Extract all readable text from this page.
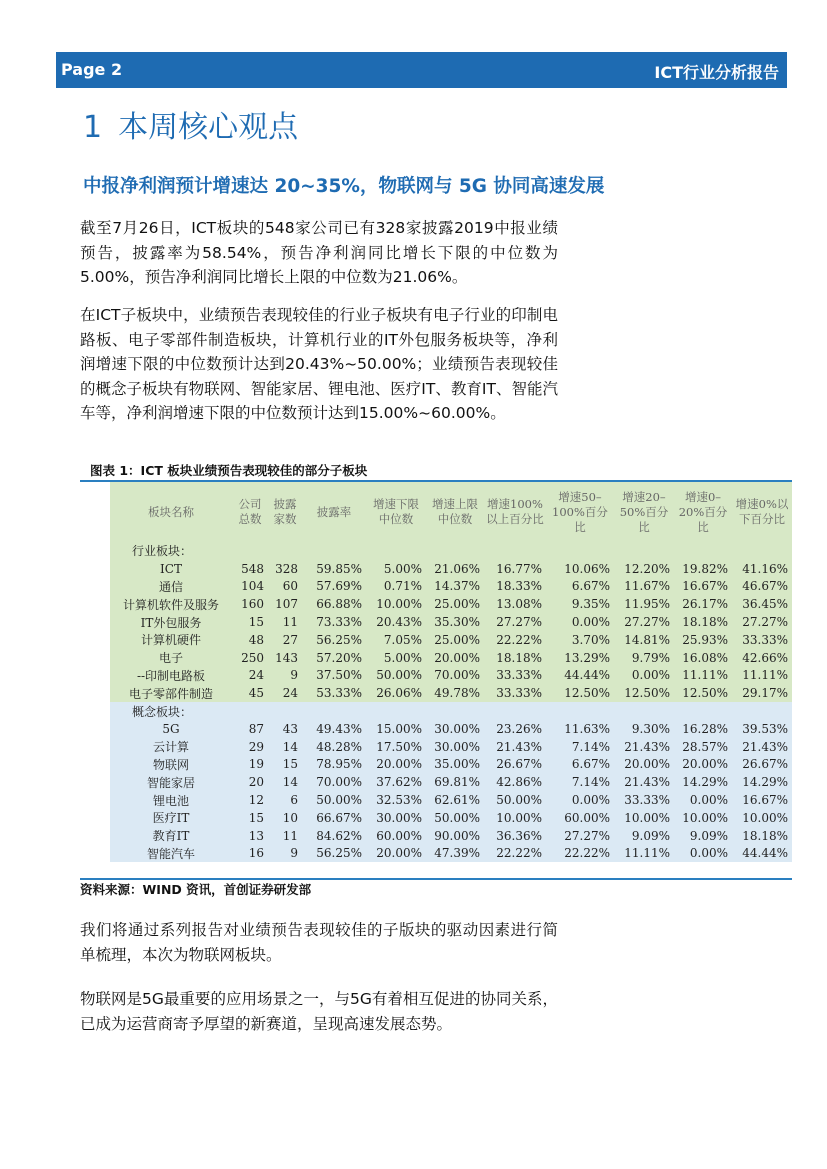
Page 2	ICT行业分析报告
1 本周核心观点
中报净利润预计增速达 20~35%，物联网与 5G 协同高速发展

截至7月26日，ICT板块的548家公司已有328家披露2019中报业绩预告，披露率为58.54%，预告净利润同比增长下限的中位数为5.00%，预告净利润同比增长上限的中位数为21.06%。

在ICT子板块中，业绩预告表现较佳的行业子板块有电子行业的印制电路板、电子零部件制造板块，计算机行业的IT外包服务板块等，净利润增速下限的中位数预计达到20.43%~50.00%；业绩预告表现较佳的概念子板块有物联网、智能家居、锂电池、医疗IT、教育IT、智能汽车等，净利润增速下限的中位数预计达到15.00%~60.00%。

图表 1：ICT 板块业绩预告表现较佳的部分子板块
板块名称	公司总数	披露家数	披露率	增速下限中位数	增速上限中位数	增速100%以上百分比	增速50–100%百分比	增速20–50%百分比	增速0–20%百分比	增速0%以下百分比
行业板块：										
ICT	548	328	59.85%	5.00%	21.06%	16.77%	10.06%	12.20%	19.82%	41.16%
通信	104	60	57.69%	0.71%	14.37%	18.33%	6.67%	11.67%	16.67%	46.67%
计算机软件及服务	160	107	66.88%	10.00%	25.00%	13.08%	9.35%	11.95%	26.17%	36.45%
IT外包服务	15	11	73.33%	20.43%	35.30%	27.27%	0.00%	27.27%	18.18%	27.27%
计算机硬件	48	27	56.25%	7.05%	25.00%	22.22%	3.70%	14.81%	25.93%	33.33%
电子	250	143	57.20%	5.00%	20.00%	18.18%	13.29%	9.79%	16.08%	42.66%
--印制电路板	24	9	37.50%	50.00%	70.00%	33.33%	44.44%	0.00%	11.11%	11.11%
电子零部件制造	45	24	53.33%	26.06%	49.78%	33.33%	12.50%	12.50%	12.50%	29.17%
概念板块：										
5G	87	43	49.43%	15.00%	30.00%	23.26%	11.63%	9.30%	16.28%	39.53%
云计算	29	14	48.28%	17.50%	30.00%	21.43%	7.14%	21.43%	28.57%	21.43%
物联网	19	15	78.95%	20.00%	35.00%	26.67%	6.67%	20.00%	20.00%	26.67%
智能家居	20	14	70.00%	37.62%	69.81%	42.86%	7.14%	21.43%	14.29%	14.29%
锂电池	12	6	50.00%	32.53%	62.61%	50.00%	0.00%	33.33%	0.00%	16.67%
医疗IT	15	10	66.67%	30.00%	50.00%	10.00%	60.00%	10.00%	10.00%	10.00%
教育IT	13	11	84.62%	60.00%	90.00%	36.36%	27.27%	9.09%	9.09%	18.18%
智能汽车	16	9	56.25%	20.00%	47.39%	22.22%	22.22%	11.11%	0.00%	44.44%
资料来源：WIND 资讯，首创证券研发部

我们将通过系列报告对业绩预告表现较佳的子版块的驱动因素进行简单梳理，本次为物联网板块。

物联网是5G最重要的应用场景之一，与5G有着相互促进的协同关系，已成为运营商寄予厚望的新赛道，呈现高速发展态势。
